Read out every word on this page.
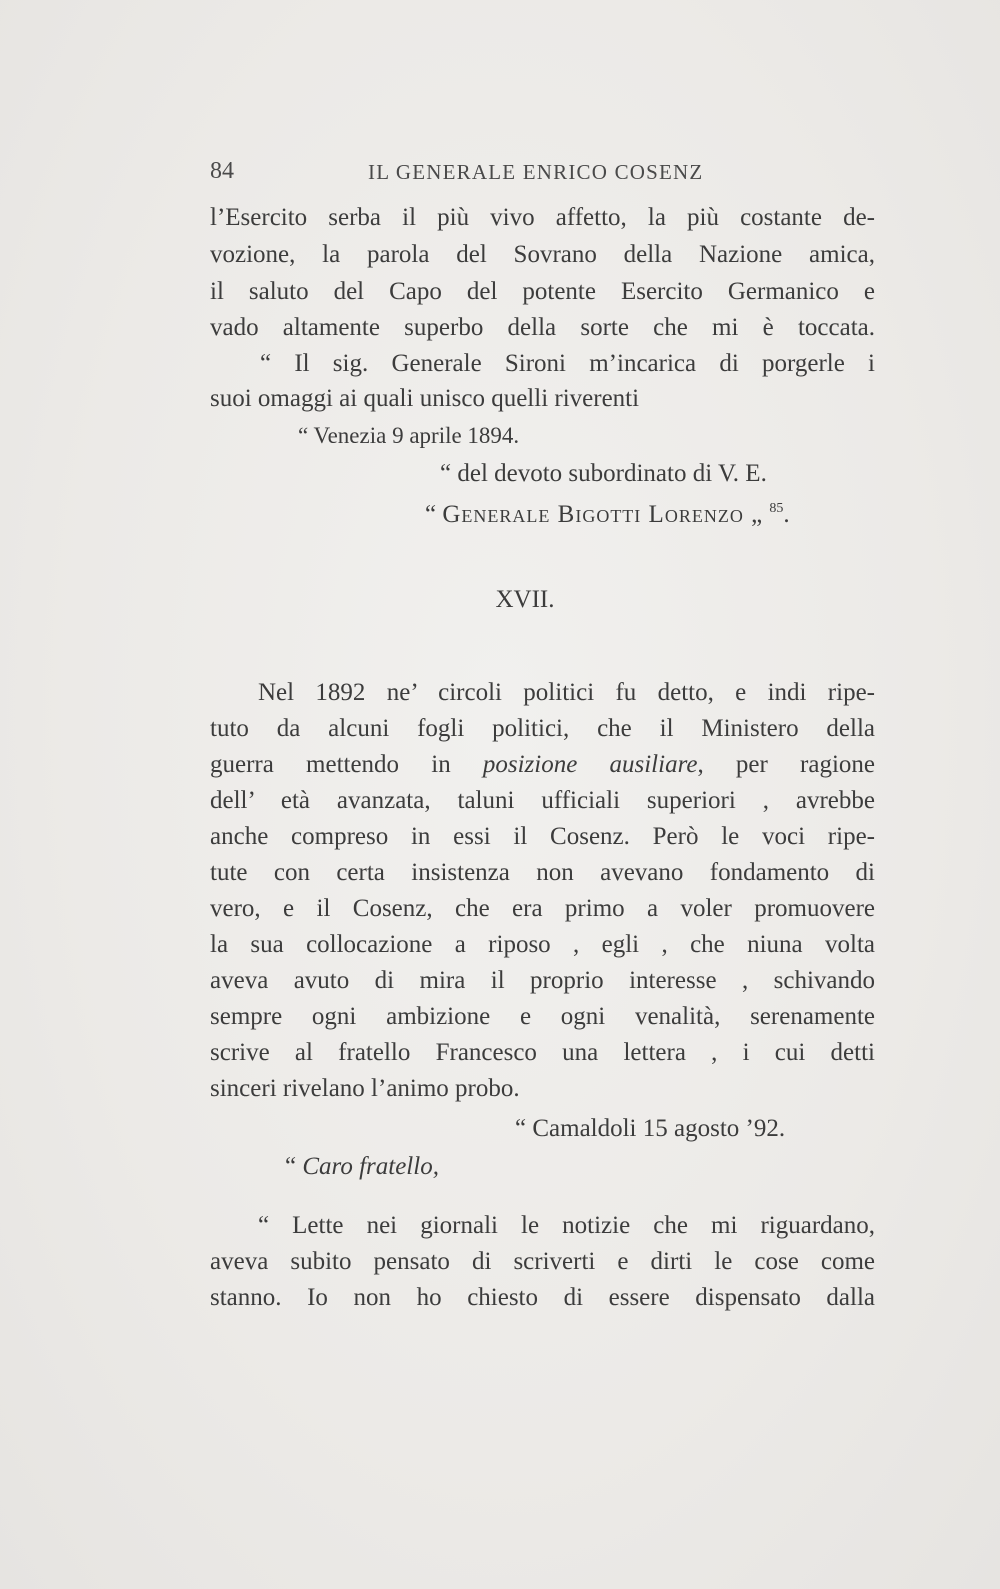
84	IL GENERALE ENRICO COSENZ
l’Esercito serba il più vivo affetto, la più costante de-
vozione, la parola del Sovrano della Nazione amica,
il saluto del Capo del potente Esercito Germanico e
vado altamente superbo della sorte che mi è toccata.
“ Il sig. Generale Sironi m’incarica di porgerle i
suoi omaggi ai quali unisco quelli riverenti
“ Venezia 9 aprile 1894.
“ del devoto subordinato di V. E.
“ Generale Bigotti Lorenzo „ $^{85}$.
XVII.
Nel 1892 ne’ circoli politici fu detto, e indi ripe-
tuto da alcuni fogli politici, che il Ministero della
guerra mettendo in posizione ausiliare, per ragione
dell’ età avanzata, taluni ufficiali superiori , avrebbe
anche compreso in essi il Cosenz. Però le voci ripe-
tute con certa insistenza non avevano fondamento di
vero, e il Cosenz, che era primo a voler promuovere
la sua collocazione a riposo , egli , che niuna volta
aveva avuto di mira il proprio interesse , schivando
sempre ogni ambizione e ogni venalità, serenamente
scrive al fratello Francesco una lettera , i cui detti
sinceri rivelano l’animo probo.
“ Camaldoli 15 agosto ’92.
“ Caro fratello,
“ Lette nei giornali le notizie che mi riguardano,
aveva subito pensato di scriverti e dirti le cose come
stanno. Io non ho chiesto di essere dispensato dalla
